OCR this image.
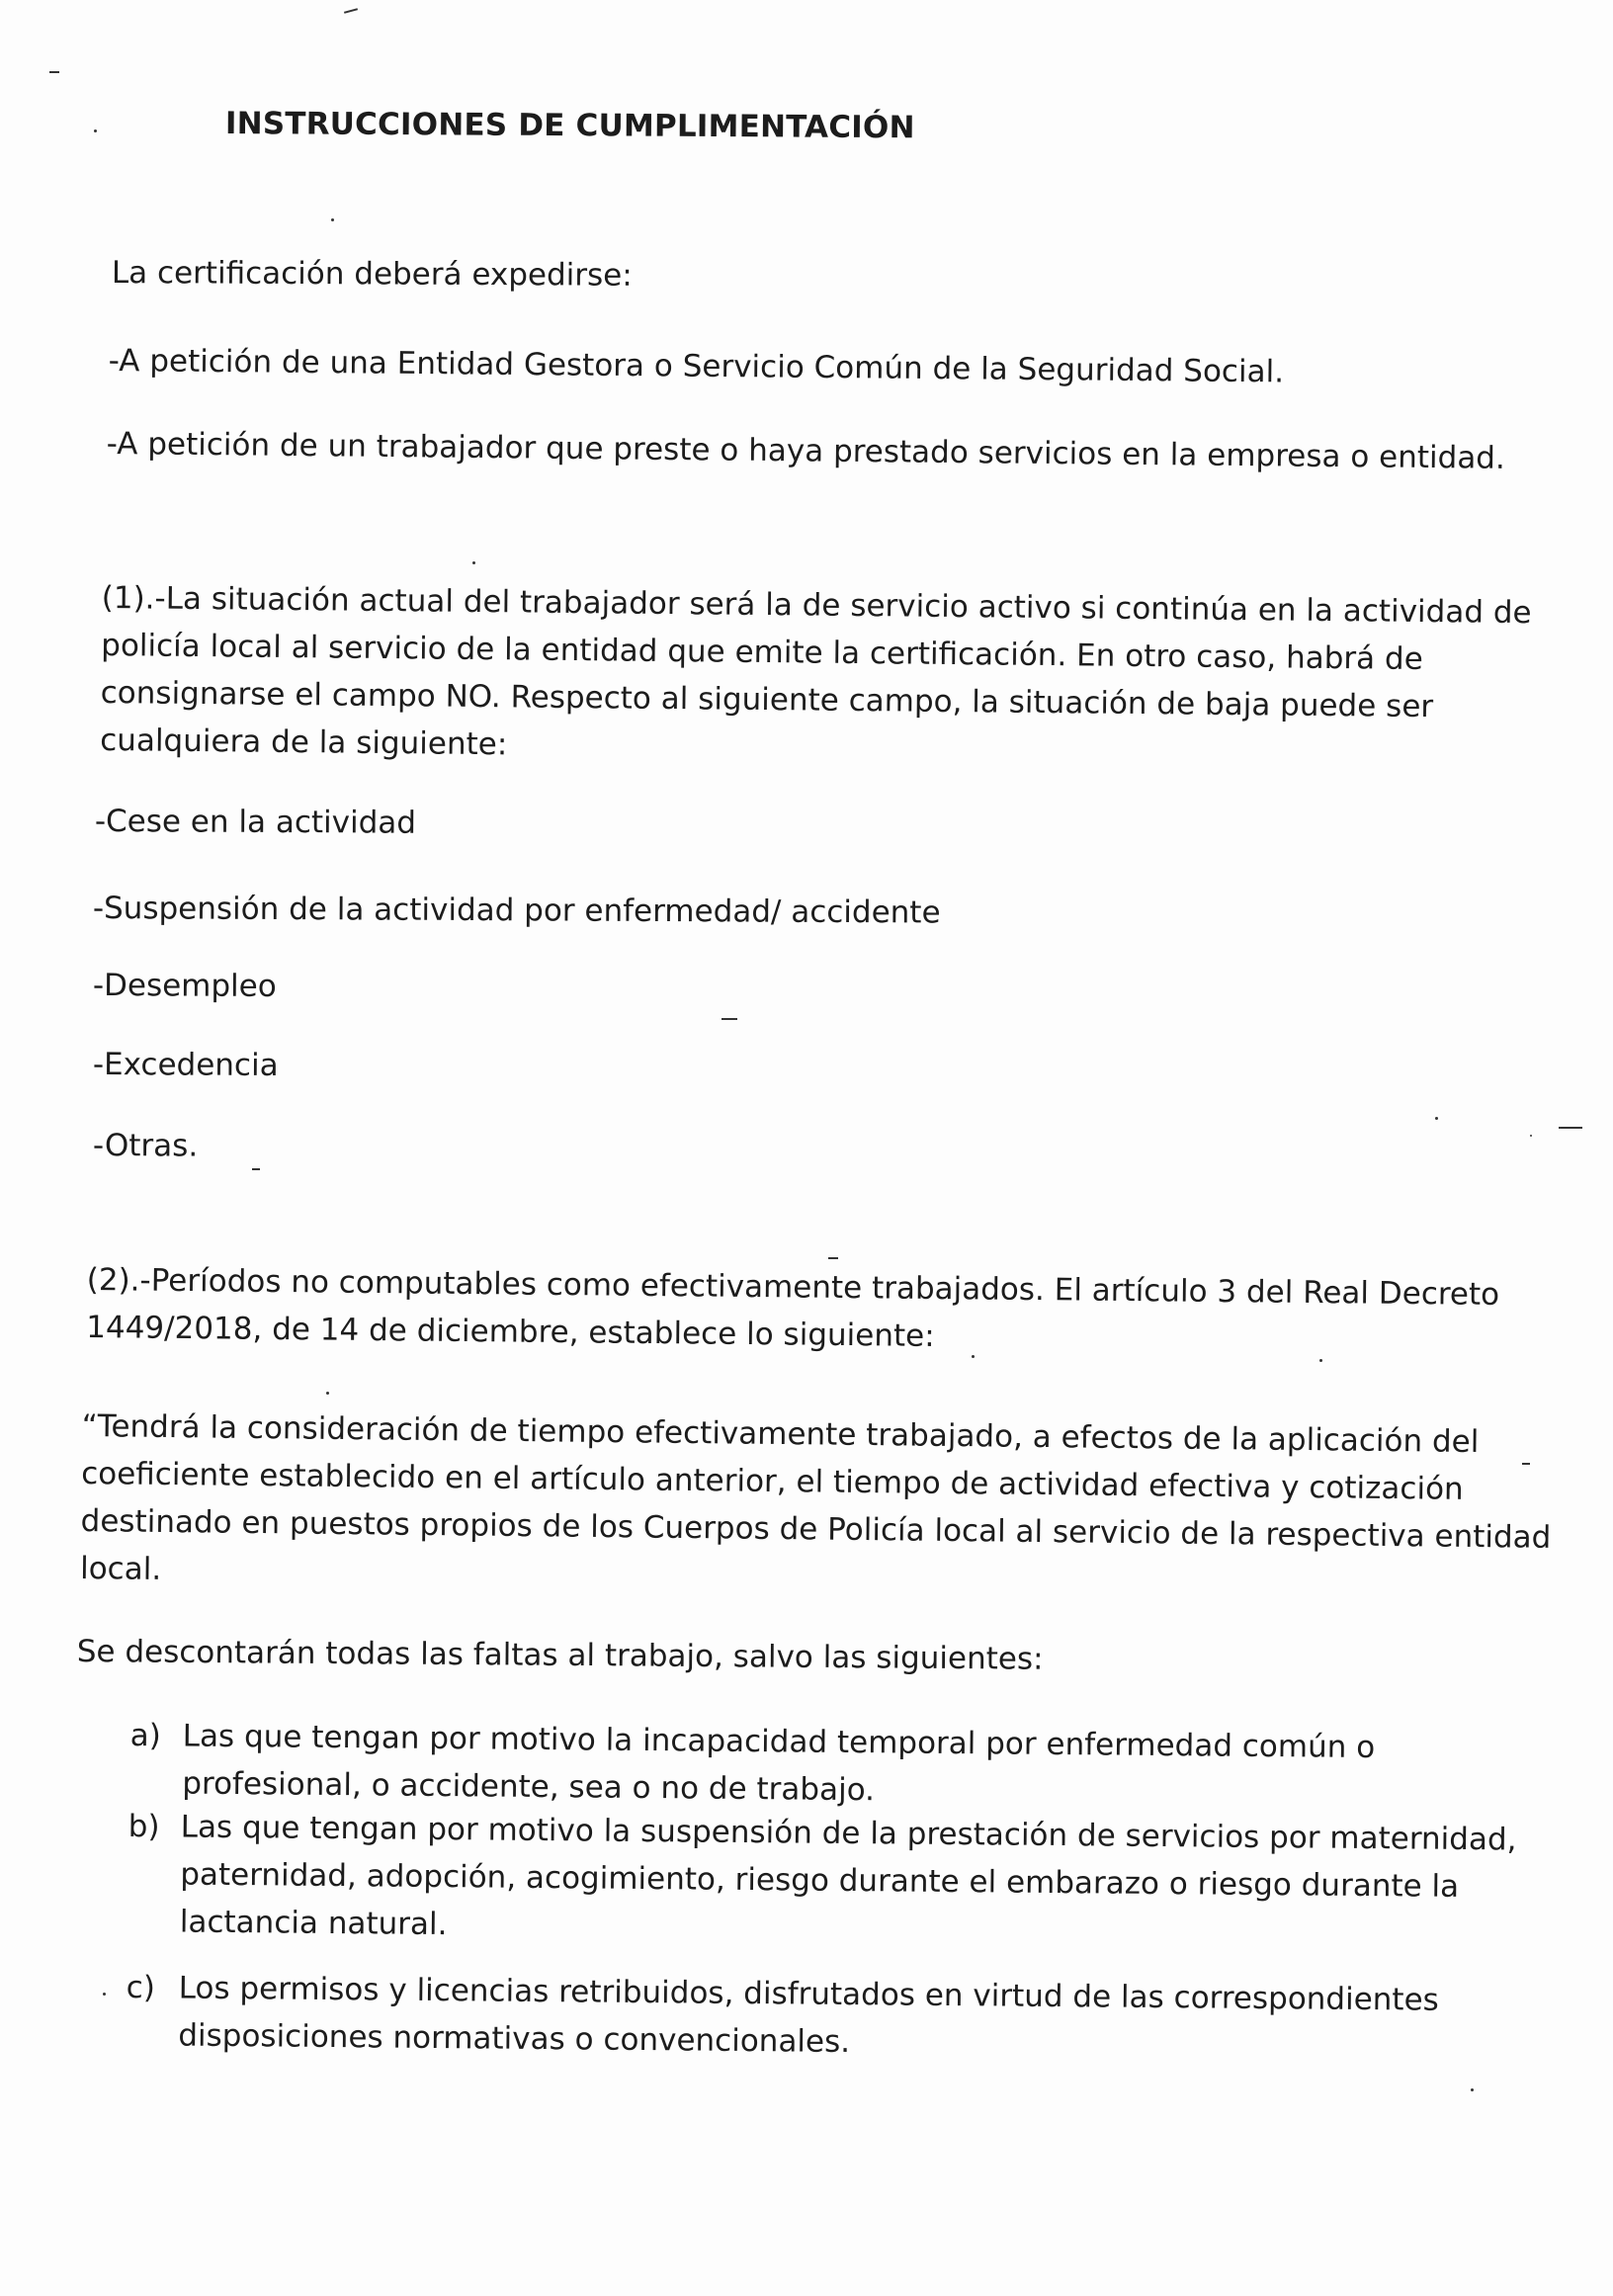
INSTRUCCIONES DE CUMPLIMENTACIÓN
La certificación deberá expedirse:
-A petición de una Entidad Gestora o Servicio Común de la Seguridad Social.
-A petición de un trabajador que preste o haya prestado servicios en la empresa o entidad.
(1).-La situación actual del trabajador será la de servicio activo si continúa en la actividad de
policía local al servicio de la entidad que emite la certificación. En otro caso, habrá de
consignarse el campo NO. Respecto al siguiente campo, la situación de baja puede ser
cualquiera de la siguiente:
-Cese en la actividad
-Suspensión de la actividad por enfermedad/ accidente
-Desempleo
-Excedencia
-Otras.
(2).-Períodos no computables como efectivamente trabajados. El artículo 3 del Real Decreto
1449/2018, de 14 de diciembre, establece lo siguiente:
“Tendrá la consideración de tiempo efectivamente trabajado, a efectos de la aplicación del
coeficiente establecido en el artículo anterior, el tiempo de actividad efectiva y cotización
destinado en puestos propios de los Cuerpos de Policía local al servicio de la respectiva entidad
local.
Se descontarán todas las faltas al trabajo, salvo las siguientes:
a) Las que tengan por motivo la incapacidad temporal por enfermedad común o
profesional, o accidente, sea o no de trabajo.
b) Las que tengan por motivo la suspensión de la prestación de servicios por maternidad,
paternidad, adopción, acogimiento, riesgo durante el embarazo o riesgo durante la
lactancia natural.
c) Los permisos y licencias retribuidos, disfrutados en virtud de las correspondientes
disposiciones normativas o convencionales.
